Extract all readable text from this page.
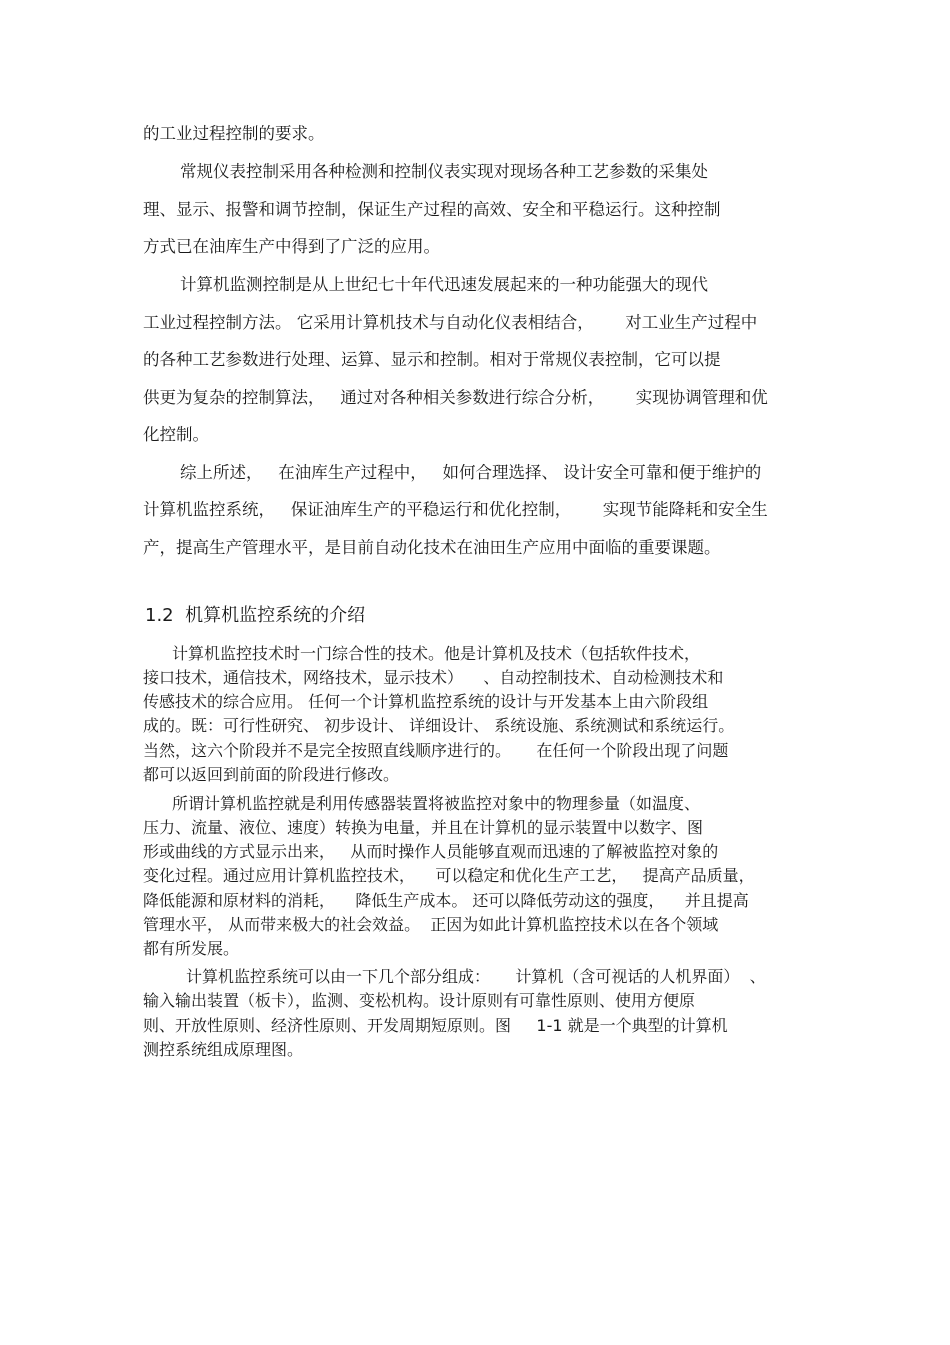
的工业过程控制的要求。
常规仪表控制采用各种检测和控制仪表实现对现场各种工艺参数的采集处
理、显示、报警和调节控制，保证生产过程的高效、安全和平稳运行。这种控制
方式已在油库生产中得到了广泛的应用。
计算机监测控制是从上世纪七十年代迅速发展起来的一种功能强大的现代
工业过程控制方法。 它采用计算机技术与自动化仪表相结合，      对工业生产过程中
的各种工艺参数进行处理、运算、显示和控制。相对于常规仪表控制，它可以提
供更为复杂的控制算法，   通过对各种相关参数进行综合分析，      实现协调管理和优
化控制。
综上所述，   在油库生产过程中，   如何合理选择、 设计安全可靠和便于维护的
计算机监控系统，   保证油库生产的平稳运行和优化控制，      实现节能降耗和安全生
产，提高生产管理水平，是目前自动化技术在油田生产应用中面临的重要课题。
1.2  机算机监控系统的介绍
计算机监控技术时一门综合性的技术。他是计算机及技术（包括软件技术，
接口技术，通信技术，网络技术，显示技术）    、自动控制技术、自动检测技术和
传感技术的综合应用。 任何一个计算机监控系统的设计与开发基本上由六阶段组
成的。既：可行性研究、 初步设计、 详细设计、 系统设施、系统测试和系统运行。
当然，这六个阶段并不是完全按照直线顺序进行的。     在任何一个阶段出现了问题
都可以返回到前面的阶段进行修改。
所谓计算机监控就是利用传感器装置将被监控对象中的物理参量（如温度、
压力、流量、液位、速度）转换为电量，并且在计算机的显示装置中以数字、图
形或曲线的方式显示出来，   从而时操作人员能够直观而迅速的了解被监控对象的
变化过程。通过应用计算机监控技术，    可以稳定和优化生产工艺，   提高产品质量，
降低能源和原材料的消耗，    降低生产成本。 还可以降低劳动这的强度，    并且提高
管理水平， 从而带来极大的社会效益。  正因为如此计算机监控技术以在各个领域
都有所发展。
计算机监控系统可以由一下几个部分组成：     计算机（含可视话的人机界面）  、
输入输出装置（板卡），监测、变松机构。设计原则有可靠性原则、使用方便原
则、开放性原则、经济性原则、开发周期短原则。图     1-1 就是一个典型的计算机
测控系统组成原理图。
